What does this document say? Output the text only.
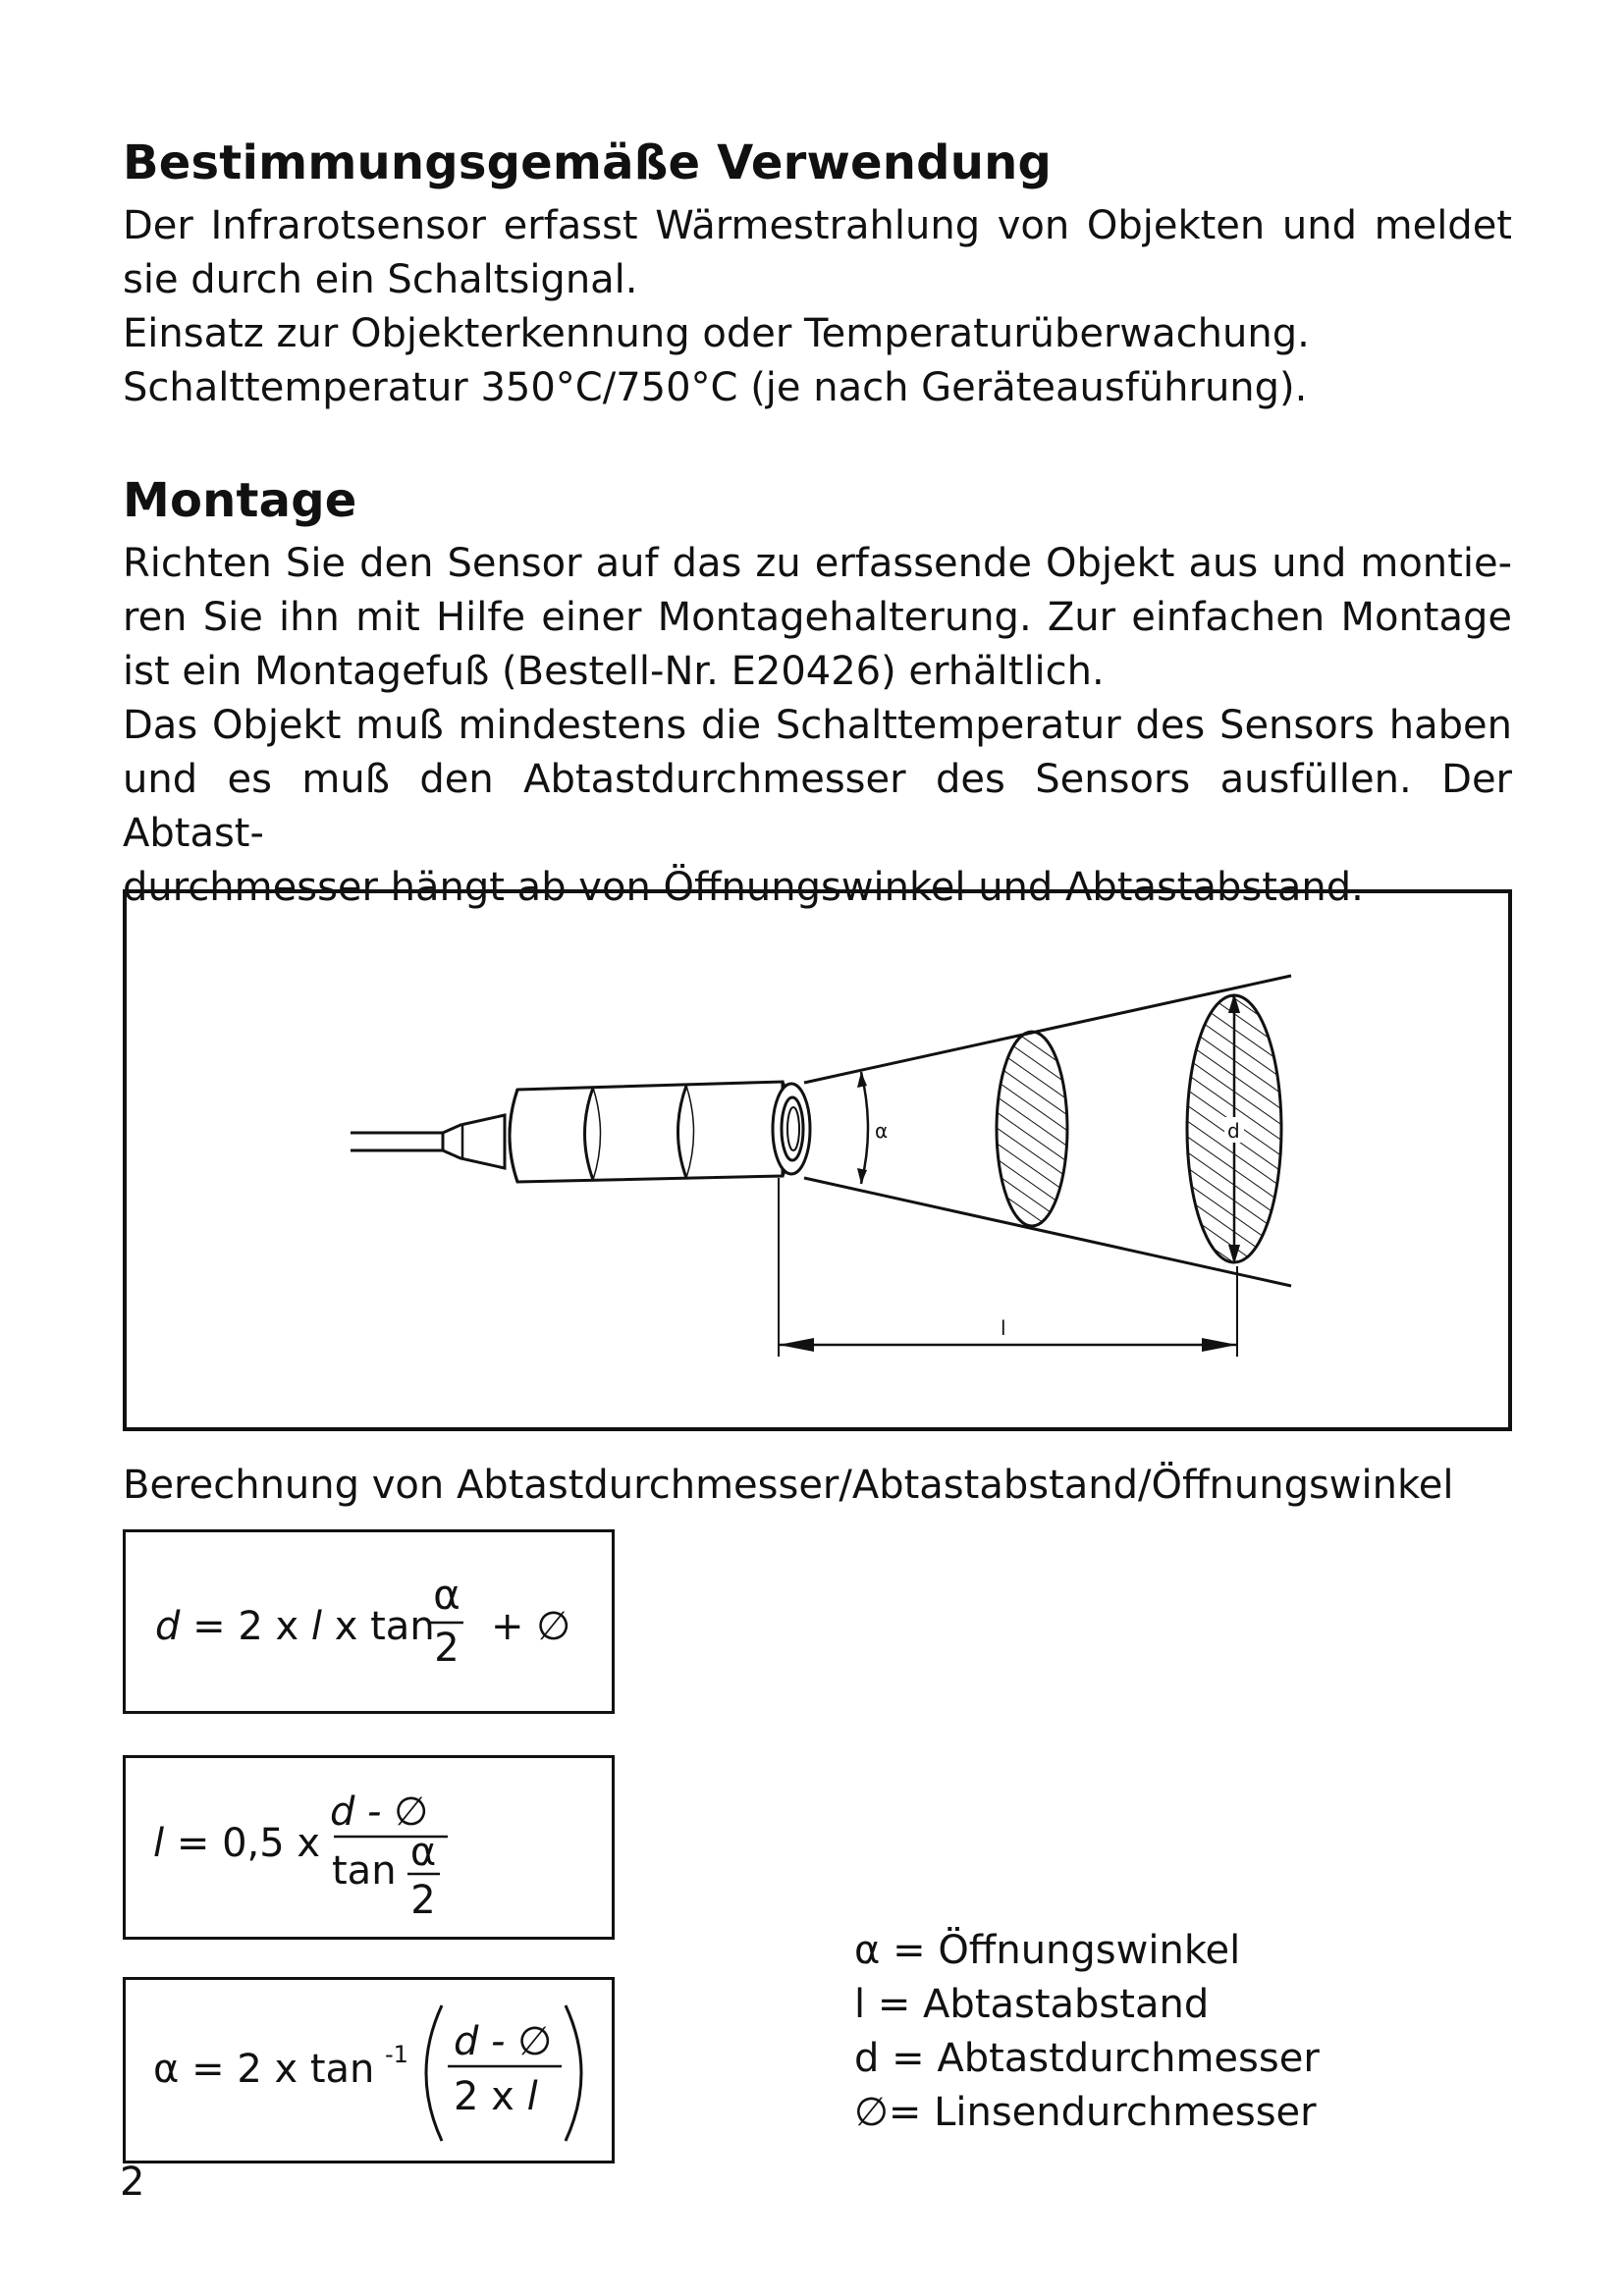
Bestimmungsgemäße Verwendung

Der Infrarotsensor erfasst Wärmestrahlung von Objekten und meldet
sie durch ein Schaltsignal.
Einsatz zur Objekterkennung oder Temperaturüberwachung.
Schalttemperatur 350°C/750°C (je nach Geräteausführung).

Montage

Richten Sie den Sensor auf das zu erfassende Objekt aus und montie-
ren Sie ihn mit Hilfe einer Montagehalterung. Zur einfachen Montage
ist ein Montagefuß (Bestell-Nr. E20426) erhältlich.
Das Objekt muß mindestens die Schalttemperatur des Sensors haben
und es muß den Abtastdurchmesser des Sensors ausfüllen. Der Abtast-
durchmesser hängt ab von Öffnungswinkel und Abtastabstand.

α	d
l

Berechnung von Abtastdurchmesser/Abtastabstand/Öffnungswinkel

d = 2 x l x tan
α
2 + ∅
l = 0,5 x
d - ∅
tan α
2
α = 2 x tan -1 d - ∅
2 x l
α = Öffnungswinkel
l = Abtastabstand
d = Abtastdurchmesser
∅= Linsendurchmesser
2
